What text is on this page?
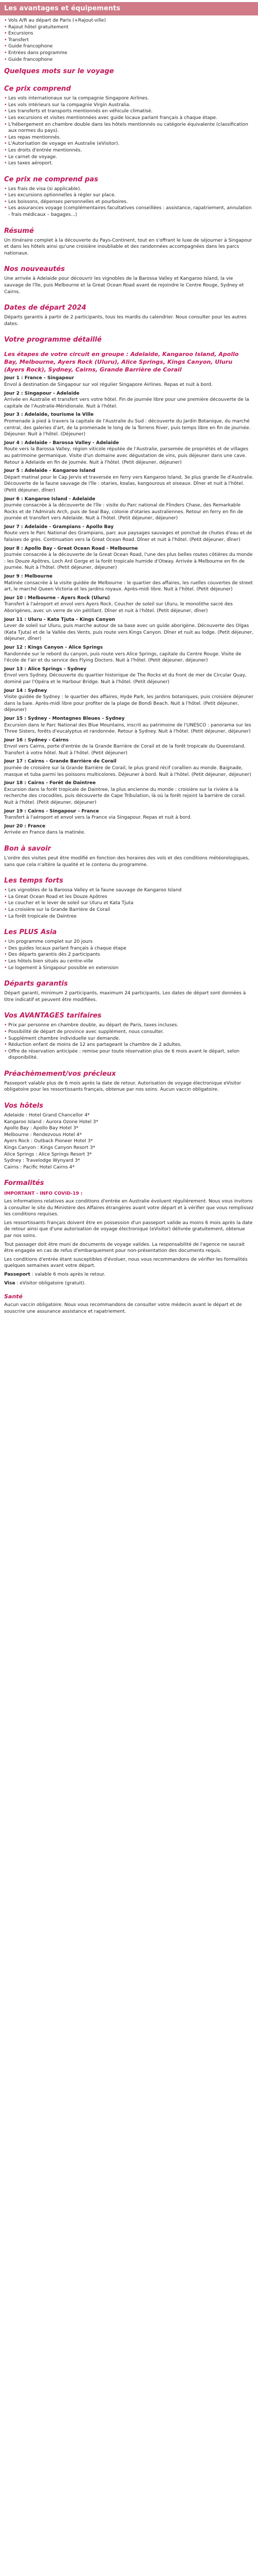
Les avantages et équipements
• Vols A/R au départ de Paris (+Rajout-ville)
• Rajout hôtel gratuitement
• Excursions
• Transfert
• Guide francophone
• Entrées dans programme
• Guide francophone
Quelques mots sur le voyage
Ce prix comprend
• Les vols internationaux sur la compagnie Singapore Airlines.
• Les vols intérieurs sur la compagnie Virgin Australia.
• Les transferts et transports mentionnés en véhicule climatisé.
• Les excursions et visites mentionnées avec guide locaux parlant français à chaque étape.
• L'hébergement en chambre double dans les hôtels mentionnés ou catégorie équivalente (classification aux normes du pays).
• Les repas mentionnés.
• L'Autorisation de voyage en Australie (eVisitor).
• Les droits d'entrée mentionnés.
• Le carnet de voyage.
• Les taxes aéroport.
Ce prix ne comprend pas
• Les frais de visa (si applicable).
• Les excursions optionnelles à régler sur place.
• Les boissons, dépenses personnelles et pourboires.
• Les assurances voyage (complémentaires facultatives conseillées : assistance, rapatriement, annulation - frais médicaux – bagages...)
Résumé

Un itinéraire complet à la découverte du Pays-Continent, tout en s'offrant le luxe de séjourner à Singapour et dans les hôtels ainsi qu'une croisière inoubliable et des randonnées accompagnées dans les parcs nationaux.

Nos nouveautés

Une arrivée à Adelaide pour découvrir les vignobles de la Barossa Valley et Kangaroo Island, la vie sauvage de l'île, puis Melbourne et la Great Ocean Road avant de rejoindre le Centre Rouge, Sydney et Cairns.

Dates de départ 2024

Départs garantis à partir de 2 participants, tous les mardis du calendrier. Nous consulter pour les autres dates.

Votre programme détaillé
Les étapes de votre circuit en groupe : Adelaide, Kangaroo Island, Apollo Bay, Melbourne, Ayers Rock (Uluru), Alice Springs, Kings Canyon, Uluru (Ayers Rock), Sydney, Cairns, Grande Barrière de Corail
Jour 1 : France - Singapour

Envol à destination de Singapour sur vol régulier Singapore Airlines. Repas et nuit à bord.

Jour 2 : Singapour - Adelaide

Arrivée en Australie et transfert vers votre hôtel. Fin de journée libre pour une première découverte de la capitale de l'Australie-Méridionale. Nuit à l'hôtel.

Jour 3 : Adelaide, tourisme la Ville

Promenade à pied à travers la capitale de l'Australie du Sud : découverte du Jardin Botanique, du marché central, des galeries d'art, de la promenade le long de la Torrens River, puis temps libre en fin de journée. Déjeuner. Nuit à l'hôtel. (Déjeuner)

Jour 4 : Adelaide - Barossa Valley - Adelaide

Route vers la Barossa Valley, région viticole réputée de l'Australie, parsemée de propriétés et de villages au patrimoine germanique. Visite d'un domaine avec dégustation de vins, puis déjeuner dans une cave. Retour à Adelaide en fin de journée. Nuit à l'hôtel. (Petit déjeuner, déjeuner)

Jour 5 : Adelaide - Kangaroo Island

Départ matinal pour le Cap Jervis et traversée en ferry vers Kangaroo Island, 3e plus grande île d'Australie. Découverte de la faune sauvage de l'île : otaries, koalas, kangourous et oiseaux. Dîner et nuit à l'hôtel. (Petit déjeuner, dîner)

Jour 6 : Kangaroo Island - Adelaide

Journée consacrée à la découverte de l'île : visite du Parc national de Flinders Chase, des Remarkable Rocks et de l'Admirals Arch, puis de Seal Bay, colonie d'otaries australiennes. Retour en ferry en fin de journée et transfert vers Adelaide. Nuit à l'hôtel. (Petit déjeuner, déjeuner)

Jour 7 : Adelaide - Grampians - Apollo Bay

Route vers le Parc National des Grampians, parc aux paysages sauvages et ponctué de chutes d'eau et de falaises de grès. Continuation vers la Great Ocean Road. Dîner et nuit à l'hôtel. (Petit déjeuner, dîner)

Jour 8 : Apollo Bay - Great Ocean Road - Melbourne

Journée consacrée à la découverte de la Great Ocean Road, l'une des plus belles routes côtières du monde : les Douze Apôtres, Loch Ard Gorge et la forêt tropicale humide d'Otway. Arrivée à Melbourne en fin de journée. Nuit à l'hôtel. (Petit déjeuner, déjeuner)

Jour 9 : Melbourne

Matinée consacrée à la visite guidée de Melbourne : le quartier des affaires, les ruelles couvertes de street art, le marché Queen Victoria et les jardins royaux. Après-midi libre. Nuit à l'hôtel. (Petit déjeuner)

Jour 10 : Melbourne - Ayers Rock (Uluru)

Transfert à l'aéroport et envol vers Ayers Rock. Coucher de soleil sur Uluru, le monolithe sacré des Aborigènes, avec un verre de vin pétillant. Dîner et nuit à l'hôtel. (Petit déjeuner, dîner)

Jour 11 : Uluru - Kata Tjuta - Kings Canyon

Lever de soleil sur Uluru, puis marche autour de sa base avec un guide aborigène. Découverte des Olgas (Kata Tjuta) et de la Vallée des Vents, puis route vers Kings Canyon. Dîner et nuit au lodge. (Petit déjeuner, déjeuner, dîner)

Jour 12 : Kings Canyon - Alice Springs

Randonnée sur le rebord du canyon, puis route vers Alice Springs, capitale du Centre Rouge. Visite de l'école de l'air et du service des Flying Doctors. Nuit à l'hôtel. (Petit déjeuner, déjeuner)

Jour 13 : Alice Springs - Sydney

Envol vers Sydney. Découverte du quartier historique de The Rocks et du front de mer de Circular Quay, dominé par l'Opéra et le Harbour Bridge. Nuit à l'hôtel. (Petit déjeuner)

Jour 14 : Sydney

Visite guidée de Sydney : le quartier des affaires, Hyde Park, les jardins botaniques, puis croisière déjeuner dans la baie. Après-midi libre pour profiter de la plage de Bondi Beach. Nuit à l'hôtel. (Petit déjeuner, déjeuner)

Jour 15 : Sydney - Montagnes Bleues - Sydney

Excursion dans le Parc National des Blue Mountains, inscrit au patrimoine de l'UNESCO : panorama sur les Three Sisters, forêts d'eucalyptus et randonnée. Retour à Sydney. Nuit à l'hôtel. (Petit déjeuner, déjeuner)

Jour 16 : Sydney - Cairns

Envol vers Cairns, porte d'entrée de la Grande Barrière de Corail et de la forêt tropicale du Queensland. Transfert à votre hôtel. Nuit à l'hôtel. (Petit déjeuner)

Jour 17 : Cairns - Grande Barrière de Corail

Journée de croisière sur la Grande Barrière de Corail, le plus grand récif corallien au monde. Baignade, masque et tuba parmi les poissons multicolores. Déjeuner à bord. Nuit à l'hôtel. (Petit déjeuner, déjeuner)

Jour 18 : Cairns - Forêt de Daintree

Excursion dans la forêt tropicale de Daintree, la plus ancienne du monde : croisière sur la rivière à la recherche des crocodiles, puis découverte de Cape Tribulation, là où la forêt rejoint la barrière de corail. Nuit à l'hôtel. (Petit déjeuner, déjeuner)

Jour 19 : Cairns - Singapour - France

Transfert à l'aéroport et envol vers la France via Singapour. Repas et nuit à bord.

Jour 20 : France

Arrivée en France dans la matinée.

Bon à savoir

L'ordre des visites peut être modifié en fonction des horaires des vols et des conditions météorologiques, sans que cela n'altère la qualité et le contenu du programme.

Les temps forts
• Les vignobles de la Barossa Valley et la faune sauvage de Kangaroo Island
• La Great Ocean Road et les Douze Apôtres
• Le coucher et le lever de soleil sur Uluru et Kata Tjuta
• La croisière sur la Grande Barrière de Corail
• La forêt tropicale de Daintree
Les PLUS Asia
• Un programme complet sur 20 jours
• Des guides locaux parlant français à chaque étape
• Des départs garantis dès 2 participants
• Les hôtels bien situés au centre-ville
• Le logement à Singapour possible en extension
Départs garantis

Départ garanti, minimum 2 participants, maximum 24 participants. Les dates de départ sont données à titre indicatif et peuvent être modifiées.

Vos AVANTAGES tarifaires
• Prix par personne en chambre double, au départ de Paris, taxes incluses.
• Possibilité de départ de province avec supplément, nous consulter.
• Supplément chambre individuelle sur demande.
• Réduction enfant de moins de 12 ans partageant la chambre de 2 adultes.
• Offre de réservation anticipée : remise pour toute réservation plus de 6 mois avant le départ, selon disponibilité.
Préachèmement/vos précieux

Passeport valable plus de 6 mois après la date de retour. Autorisation de voyage électronique eVisitor obligatoire pour les ressortissants français, obtenue par nos soins. Aucun vaccin obligatoire.

Vos hôtels

Adelaide : Hotel Grand Chancellor 4*

Kangaroo Island : Aurora Ozone Hotel 3*

Apollo Bay : Apollo Bay Hotel 3*

Melbourne : Rendezvous Hotel 4*

Ayers Rock : Outback Pioneer Hotel 3*

Kings Canyon : Kings Canyon Resort 3*

Alice Springs : Alice Springs Resort 3*

Sydney : Travelodge Wynyard 3*

Cairns : Pacific Hotel Cairns 4*

Formalités
IMPORTANT - INFO COVID-19 :

Les informations relatives aux conditions d'entrée en Australie évoluent régulièrement. Nous vous invitons à consulter le site du Ministère des Affaires étrangères avant votre départ et à vérifier que vous remplissez les conditions requises.

Les ressortissants français doivent être en possession d'un passeport valide au moins 6 mois après la date de retour ainsi que d'une autorisation de voyage électronique (eVisitor) délivrée gratuitement, obtenue par nos soins.

Tout passager doit être muni de documents de voyage valides. La responsabilité de l'agence ne saurait être engagée en cas de refus d'embarquement pour non-présentation des documents requis.

Les conditions d'entrée étant susceptibles d'évoluer, nous vous recommandons de vérifier les formalités quelques semaines avant votre départ.

Passeport : valable 6 mois après le retour.

Visa : eVisitor obligatoire (gratuit).

Santé

Aucun vaccin obligatoire. Nous vous recommandons de consulter votre médecin avant le départ et de souscrire une assurance assistance et rapatriement.
